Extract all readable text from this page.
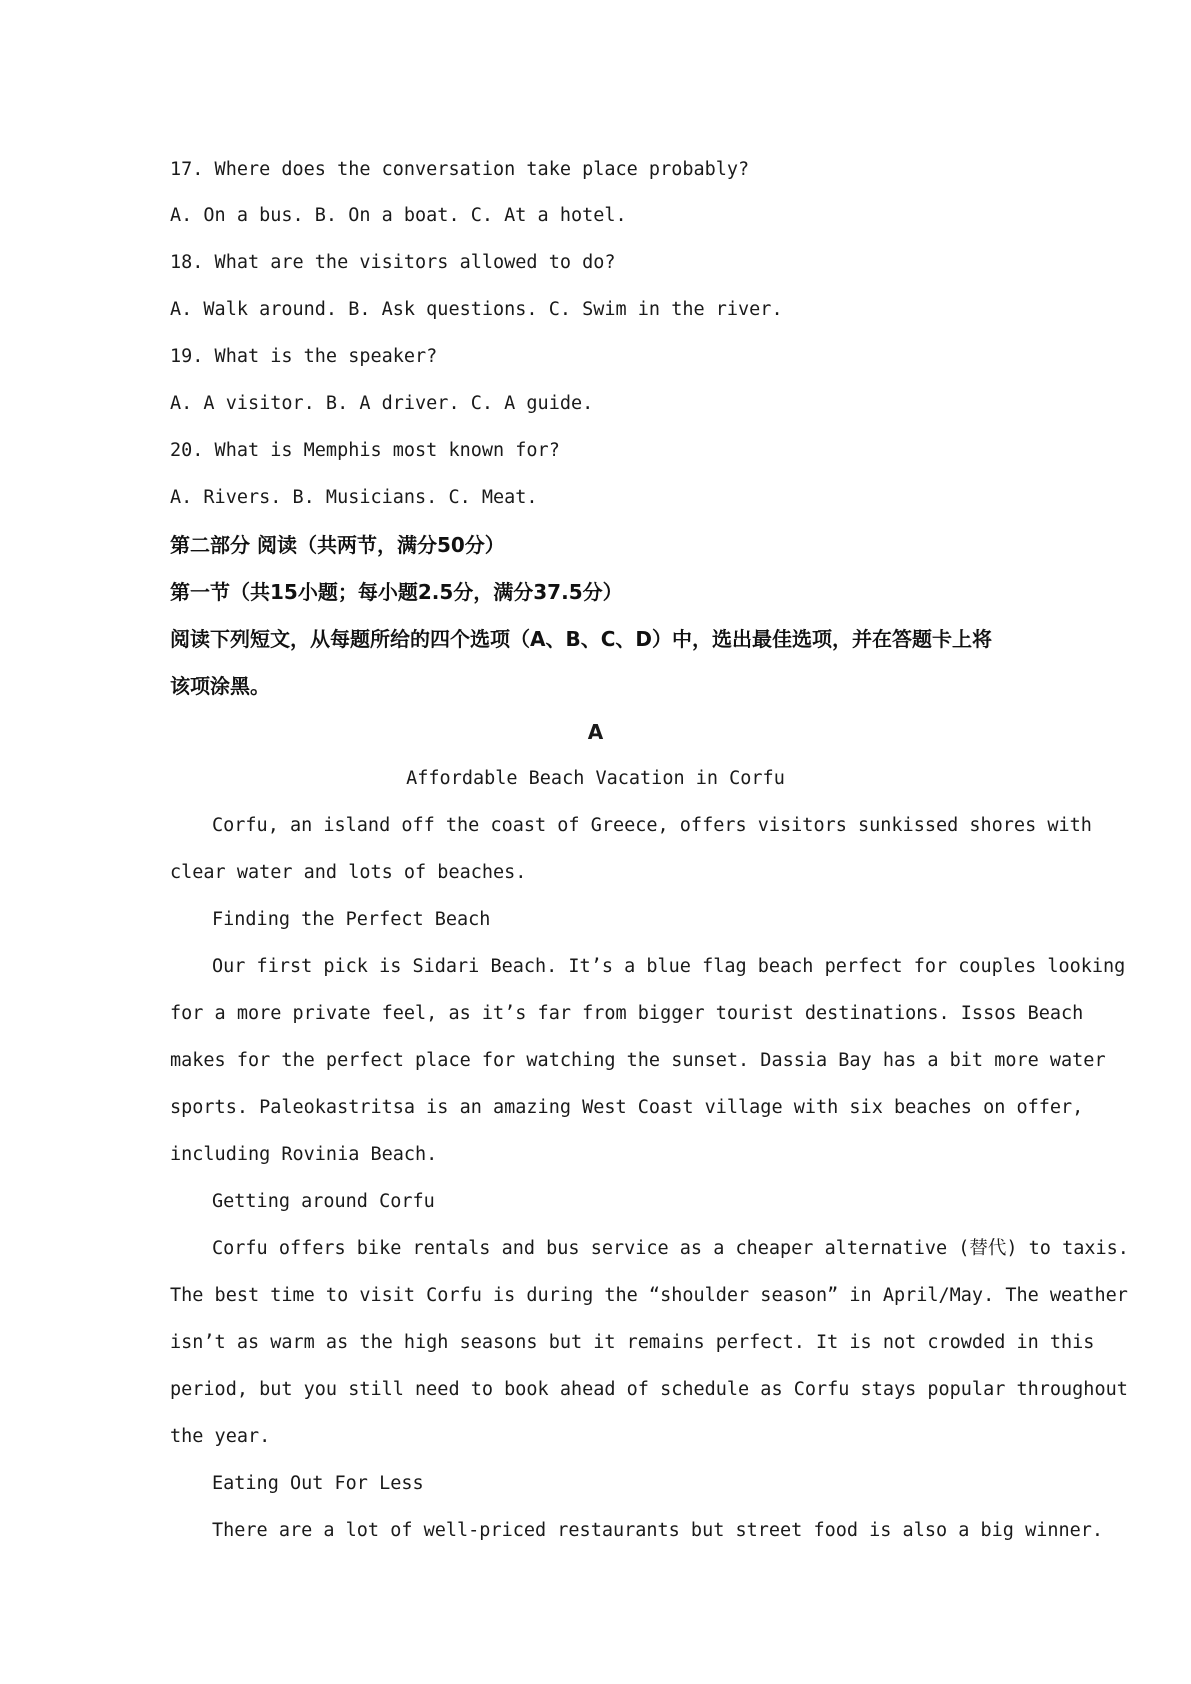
17. Where does the conversation take place probably?
A. On a bus. B. On a boat. C. At a hotel.
18. What are the visitors allowed to do?
A. Walk around. B. Ask questions. C. Swim in the river.
19. What is the speaker?
A. A visitor. B. A driver. C. A guide.
20. What is Memphis most known for?
A. Rivers. B. Musicians. C. Meat.
第二部分 阅读（共两节，满分50分）
第一节（共15小题；每小题2.5分，满分37.5分）
阅读下列短文，从每题所给的四个选项（A、B、C、D）中，选出最佳选项，并在答题卡上将
该项涂黑。
A
Affordable Beach Vacation in Corfu
Corfu, an island off the coast of Greece, offers visitors sunkissed shores with
clear water and lots of beaches.
Finding the Perfect Beach
Our first pick is Sidari Beach. It’s a blue flag beach perfect for couples looking
for a more private feel, as it’s far from bigger tourist destinations. Issos Beach
makes for the perfect place for watching the sunset. Dassia Bay has a bit more water
sports. Paleokastritsa is an amazing West Coast village with six beaches on offer,
including Rovinia Beach.
Getting around Corfu
Corfu offers bike rentals and bus service as a cheaper alternative (替代) to taxis.
The best time to visit Corfu is during the “shoulder season” in April/May. The weather
isn’t as warm as the high seasons but it remains perfect. It is not crowded in this
period, but you still need to book ahead of schedule as Corfu stays popular throughout
the year.
Eating Out For Less
There are a lot of well-priced restaurants but street food is also a big winner.
